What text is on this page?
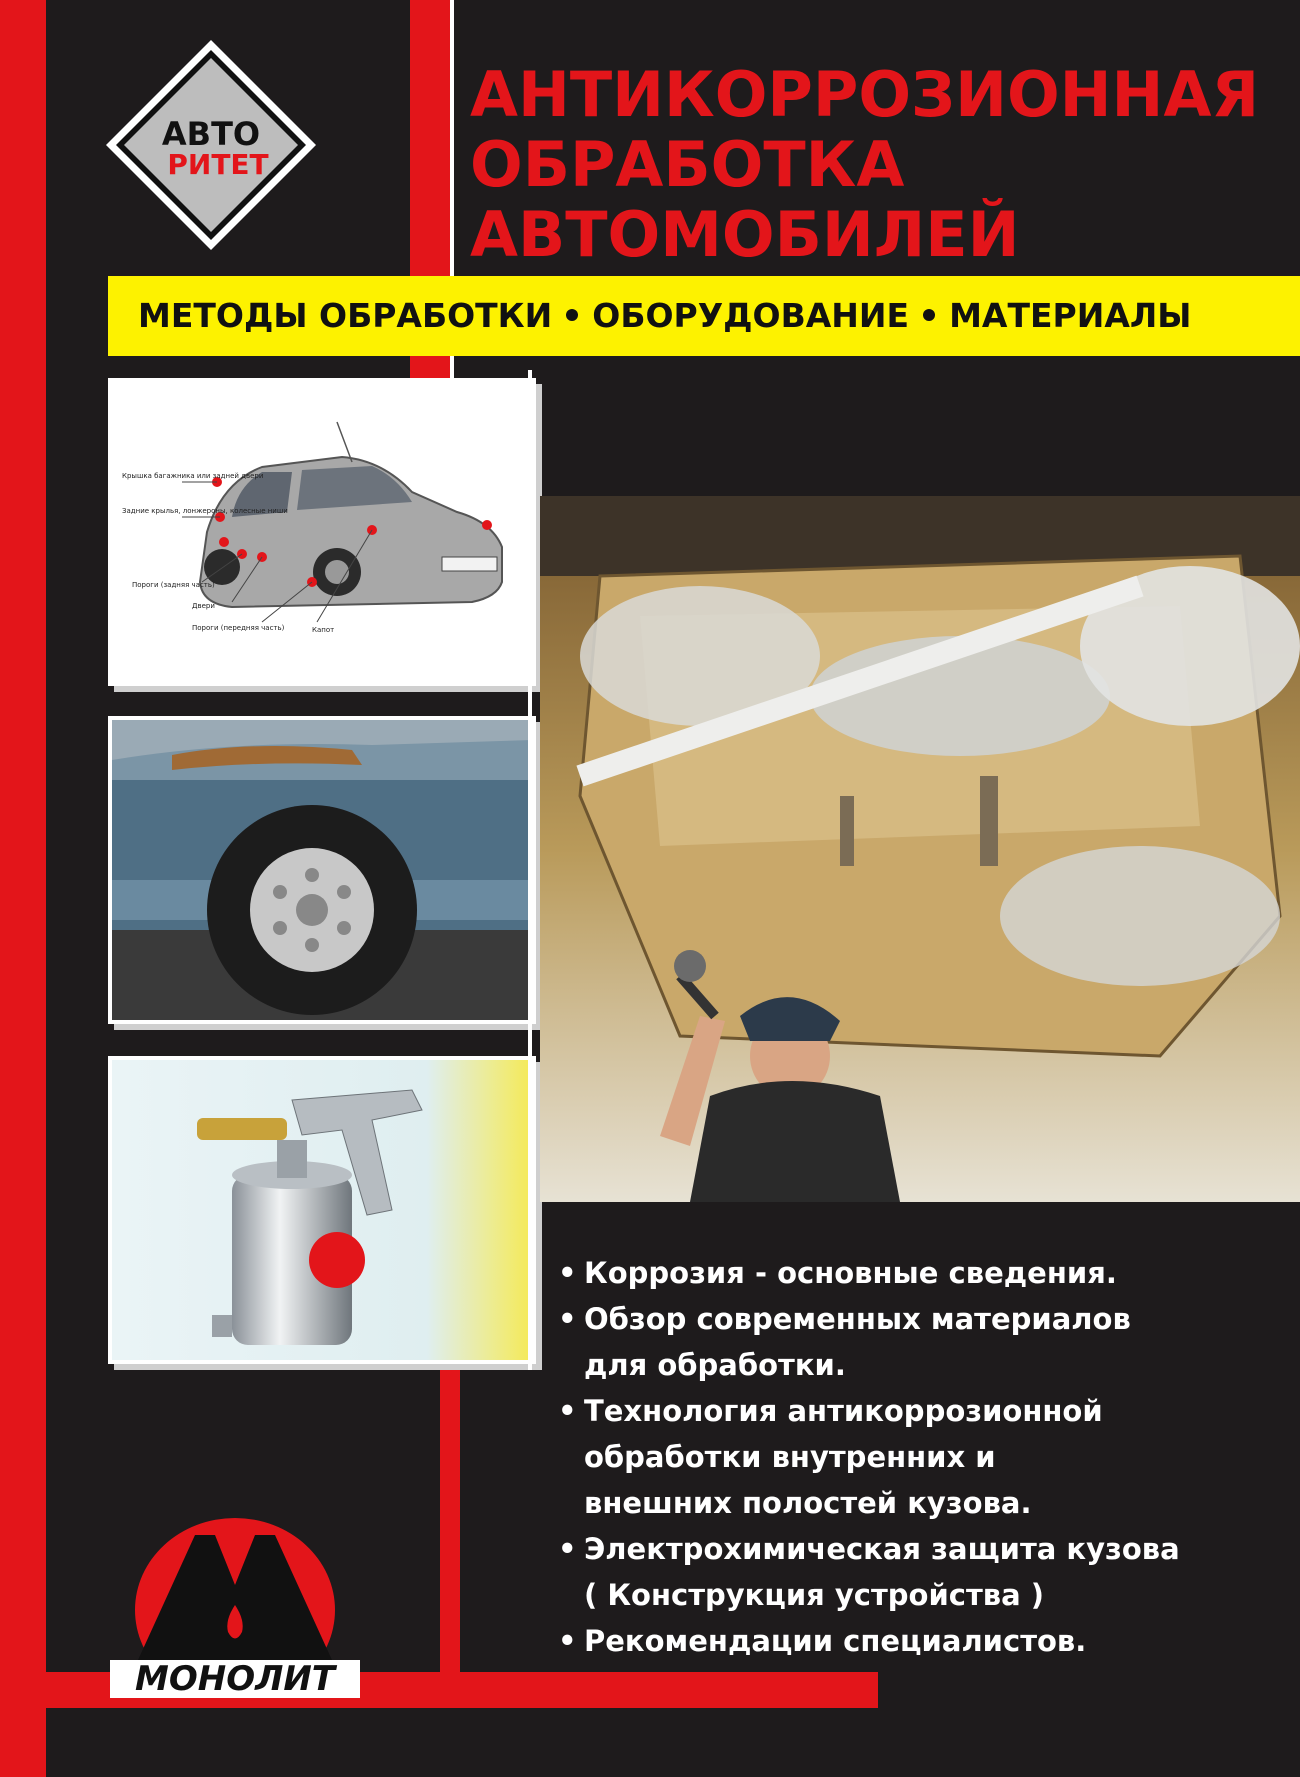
АВТО
РИТЕТ
АНТИКОРРОЗИОННАЯ
ОБРАБОТКА
АВТОМОБИЛЕЙ
МЕТОДЫ ОБРАБОТКИ ОБОРУДОВАНИЕ МАТЕРИАЛЫ
Крышка багажника или задней двери
Задние крылья, лонжероны, колесные ниши
Пороги (задняя часть)
Двери
Пороги (передняя часть)	Капот
• Коррозия - основные сведения.
• Обзор современных материалов
для обработки.
• Технология антикоррозионной
обработки внутренних и
внешних полостей кузова.
• Электрохимическая защита кузова
( Конструкция устройства )
• Рекомендации специалистов.
МОНОЛИТ
